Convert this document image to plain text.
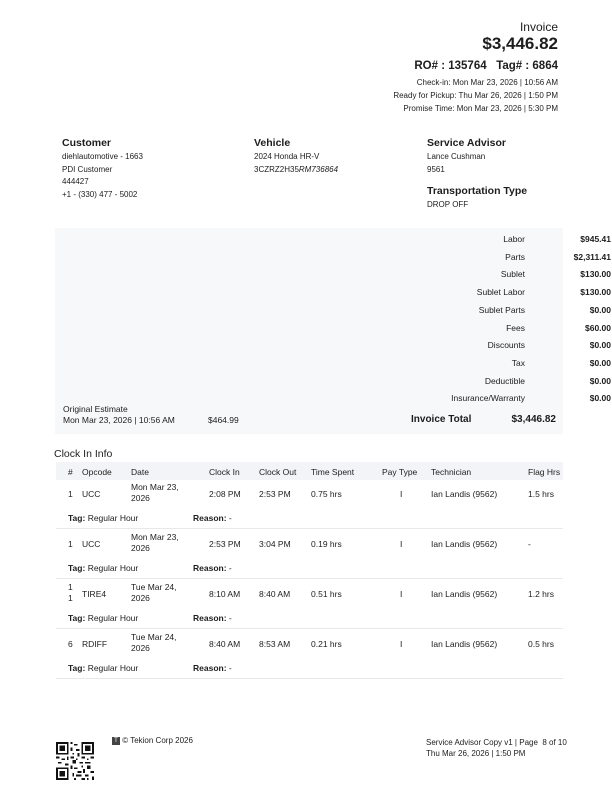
Invoice
$3,446.82
RO# : 135764   Tag# : 6864
Check-in: Mon Mar 23, 2026 | 10:56 AM
Ready for Pickup: Thu Mar 26, 2026 | 1:50 PM
Promise Time: Mon Mar 23, 2026 | 5:30 PM
Customer
diehlautomotive - 1663
PDI Customer
444427
+1 - (330) 477 - 5002
Vehicle
2024 Honda HR-V
3CZRZ2H35RM736864
Service Advisor
Lance Cushman
9561
Transportation Type
DROP OFF
Labor	$945.41
Parts	$2,311.41
Sublet	$130.00
Sublet Labor	$130.00
Sublet Parts	$0.00
Fees	$60.00
Discounts	$0.00
Tax	$0.00
Deductible	$0.00
Insurance/Warranty	$0.00
Original Estimate
Mon Mar 23, 2026 | 10:56 AM	$464.99	Invoice Total	$3,446.82
Clock In Info
# Opcode Date	Clock In Clock Out Time Spent	Pay Type Technician	Flag Hrs
1 UCC
Mon Mar 23,
2026	2:08 PM 2:53 PM 0.75 hrs	I	Ian Landis (9562)	1.5 hrs
Tag: Regular Hour	Reason: -
1 UCC
Mon Mar 23,
2026	2:53 PM 3:04 PM 0.19 hrs	I	Ian Landis (9562)	-
Tag: Regular Hour	Reason: -
1
1 TIRE4
Tue Mar 24,
2026	8:10 AM 8:40 AM 0.51 hrs	I	Ian Landis (9562)	1.2 hrs
Tag: Regular Hour	Reason: -
6 RDIFF
Tue Mar 24,
2026	8:40 AM 8:53 AM 0.21 hrs	I	Ian Landis (9562)	0.5 hrs
Tag: Regular Hour	Reason: -
T © Tekion Corp 2026	Service Advisor Copy v1 | Page  8 of 10
Thu Mar 26, 2026 | 1:50 PM
